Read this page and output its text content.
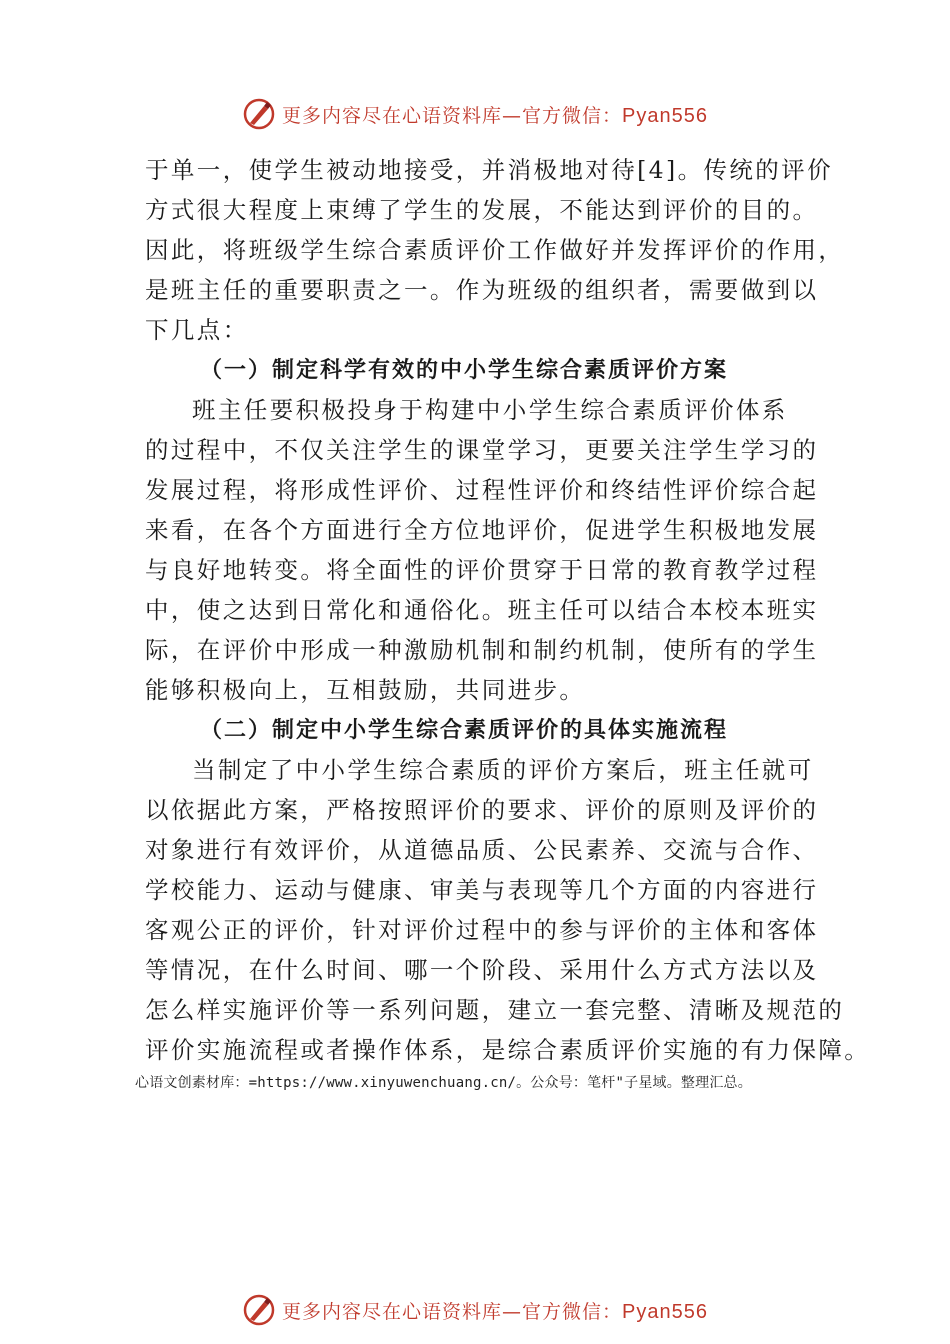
更多内容尽在心语资料库—官方微信：Pyan556
于单一，使学生被动地接受，并消极地对待[4]。传统的评价
方式很大程度上束缚了学生的发展，不能达到评价的目的。
因此，将班级学生综合素质评价工作做好并发挥评价的作用，
是班主任的重要职责之一。作为班级的组织者，需要做到以
下几点：
（一）制定科学有效的中小学生综合素质评价方案
班主任要积极投身于构建中小学生综合素质评价体系
的过程中，不仅关注学生的课堂学习，更要关注学生学习的
发展过程，将形成性评价、过程性评价和终结性评价综合起
来看，在各个方面进行全方位地评价，促进学生积极地发展
与良好地转变。将全面性的评价贯穿于日常的教育教学过程
中，使之达到日常化和通俗化。班主任可以结合本校本班实
际，在评价中形成一种激励机制和制约机制，使所有的学生
能够积极向上，互相鼓励，共同进步。
（二）制定中小学生综合素质评价的具体实施流程
当制定了中小学生综合素质的评价方案后，班主任就可
以依据此方案，严格按照评价的要求、评价的原则及评价的
对象进行有效评价，从道德品质、公民素养、交流与合作、
学校能力、运动与健康、审美与表现等几个方面的内容进行
客观公正的评价，针对评价过程中的参与评价的主体和客体
等情况，在什么时间、哪一个阶段、采用什么方式方法以及
怎么样实施评价等一系列问题，建立一套完整、清晰及规范的
评价实施流程或者操作体系，是综合素质评价实施的有力保障。
心语文创素材库：=https://www.xinyuwenchuang.cn/。公众号：笔杆"子星域。整理汇总。
更多内容尽在心语资料库—官方微信：Pyan556
